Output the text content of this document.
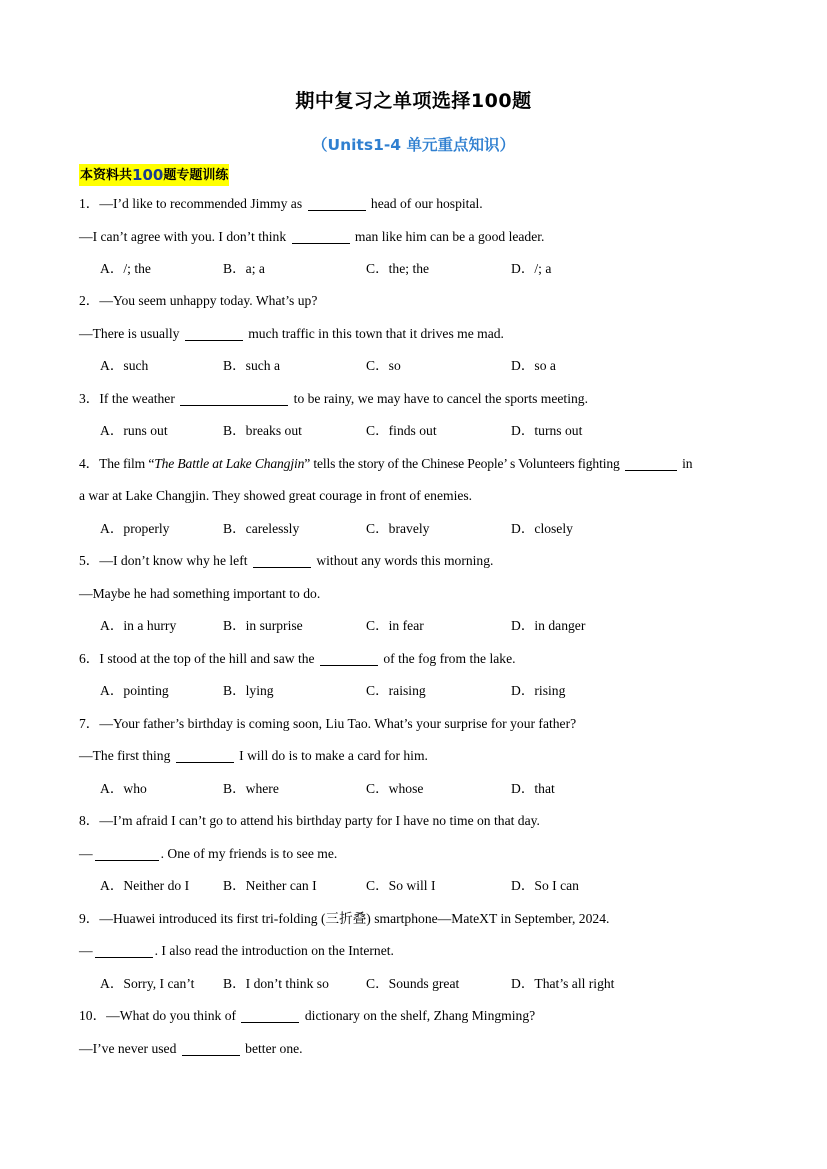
期中复习之单项选择100题
（Units1-4 单元重点知识）
本资料共100题专题训练
1．—I’d like to recommended Jimmy as	head of our hospital.
—I can’t agree with you. I don’t think	man like him can be a good leader.
A．/; the	B．a; a	C．the; the	D．/; a
2．—You seem unhappy today. What’s up?
—There is usually	much traffic in this town that it drives me mad.
A．such	B．such a	C．so	D．so a
3．If the weather	to be rainy, we may have to cancel the sports meeting.
A．runs out	B．breaks out	C．finds out	D．turns out
4．The film “The Battle at Lake Changjin” tells the story of the Chinese People’ s Volunteers fighting	in
a war at Lake Changjin. They showed great courage in front of enemies.
A．properly	B．carelessly	C．bravely	D．closely
5．—I don’t know why he left	without any words this morning.
—Maybe he had something important to do.
A．in a hurry	B．in surprise	C．in fear	D．in danger
6．I stood at the top of the hill and saw the	of the fog from the lake.
A．pointing	B．lying	C．raising	D．rising
7．—Your father’s birthday is coming soon, Liu Tao. What’s your surprise for your father?
—The first thing	I will do is to make a card for him.
A．who	B．where	C．whose	D．that
8．—I’m afraid I can’t go to attend his birthday party for I have no time on that day.
—	. One of my friends is to see me.
A．Neither do I B．Neither can I	C．So will I	D．So I can
9．—Huawei introduced its first tri-folding (三折叠) smartphone—MateXT in September, 2024.
—	. I also read the introduction on the Internet.
A．Sorry, I can’t B．I don’t think so	C．Sounds great	D．That’s all right
10．—What do you think of	dictionary on the shelf, Zhang Mingming?
—I’ve never used	better one.
